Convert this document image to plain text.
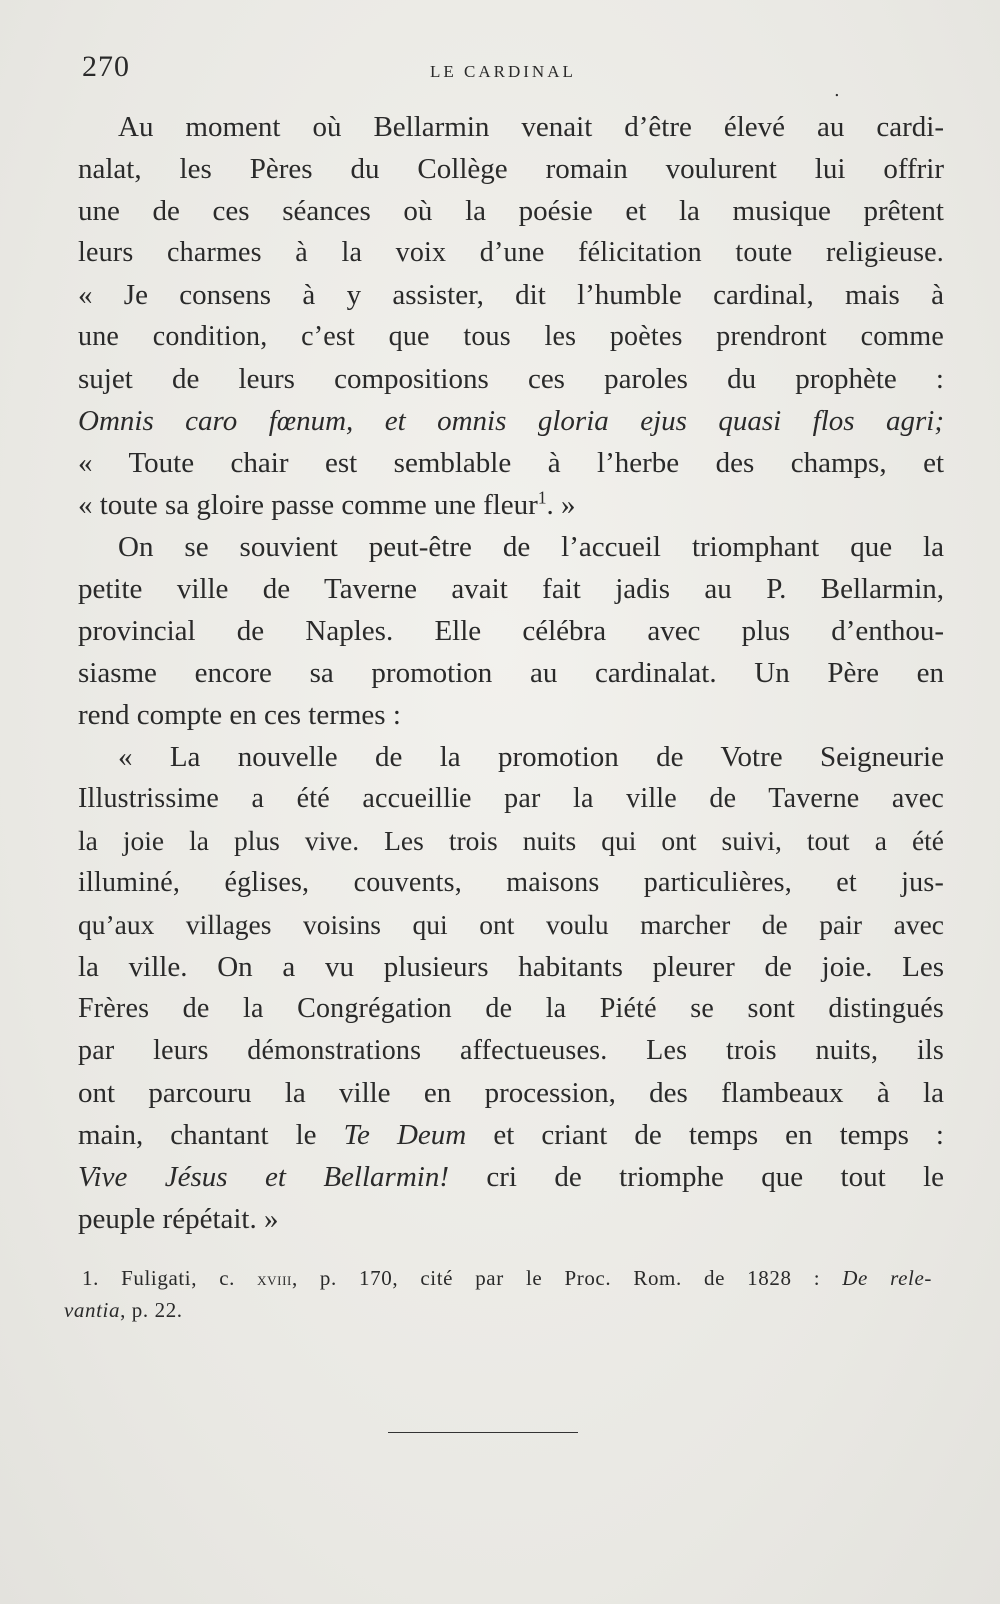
270	LE CARDINAL
.
Au moment où Bellarmin venait d’être élevé au cardi-
nalat, les Pères du Collège romain voulurent lui offrir
une de ces séances où la poésie et la musique prêtent
leurs charmes à la voix d’une félicitation toute religieuse.
« Je consens à y assister, dit l’humble cardinal, mais à
une condition, c’est que tous les poètes prendront comme
sujet de leurs compositions ces paroles du prophète :
Omnis caro fœnum, et omnis gloria ejus quasi flos agri;
« Toute chair est semblable à l’herbe des champs, et
« toute sa gloire passe comme une fleur$^1$. »
On se souvient peut-être de l’accueil triomphant que la
petite ville de Taverne avait fait jadis au P. Bellarmin,
provincial de Naples. Elle célébra avec plus d’enthou-
siasme encore sa promotion au cardinalat. Un Père en
rend compte en ces termes :
« La nouvelle de la promotion de Votre Seigneurie
Illustrissime a été accueillie par la ville de Taverne avec
la joie la plus vive. Les trois nuits qui ont suivi, tout a été
illuminé, églises, couvents, maisons particulières, et jus-
qu’aux villages voisins qui ont voulu marcher de pair avec
la ville. On a vu plusieurs habitants pleurer de joie. Les
Frères de la Congrégation de la Piété se sont distingués
par leurs démonstrations affectueuses. Les trois nuits, ils
ont parcouru la ville en procession, des flambeaux à la
main, chantant le Te Deum et criant de temps en temps :
Vive Jésus et Bellarmin! cri de triomphe que tout le
peuple répétait. »
1. Fuligati, c. xviii, p. 170, cité par le Proc. Rom. de 1828 : De rele-
vantia, p. 22.
